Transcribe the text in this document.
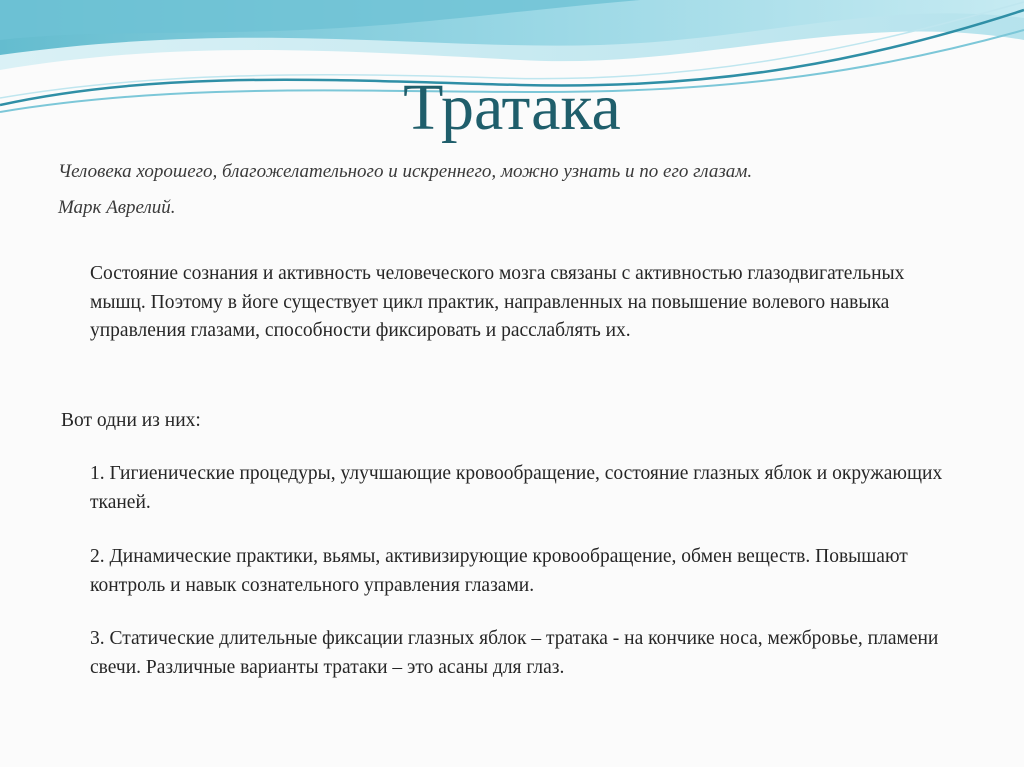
Тратака
Человека хорошего, благожелательного и искреннего, можно узнать и по его глазам.
Марк Аврелий.
Состояние сознания и активность человеческого мозга связаны с активностью глазодвигательных мышц. Поэтому в йоге существует цикл практик, направленных на повышение волевого навыка управления глазами, способности фиксировать и расслаблять их.
Вот одни из них:
1. Гигиенические процедуры, улучшающие кровообращение, состояние глазных яблок и окружающих тканей.
2. Динамические практики, вьямы, активизирующие кровообращение, обмен веществ. Повышают контроль и навык сознательного управления глазами.
3. Статические длительные фиксации глазных яблок – тратака - на кончике носа, межбровье, пламени свечи. Различные варианты тратаки – это асаны для глаз.
